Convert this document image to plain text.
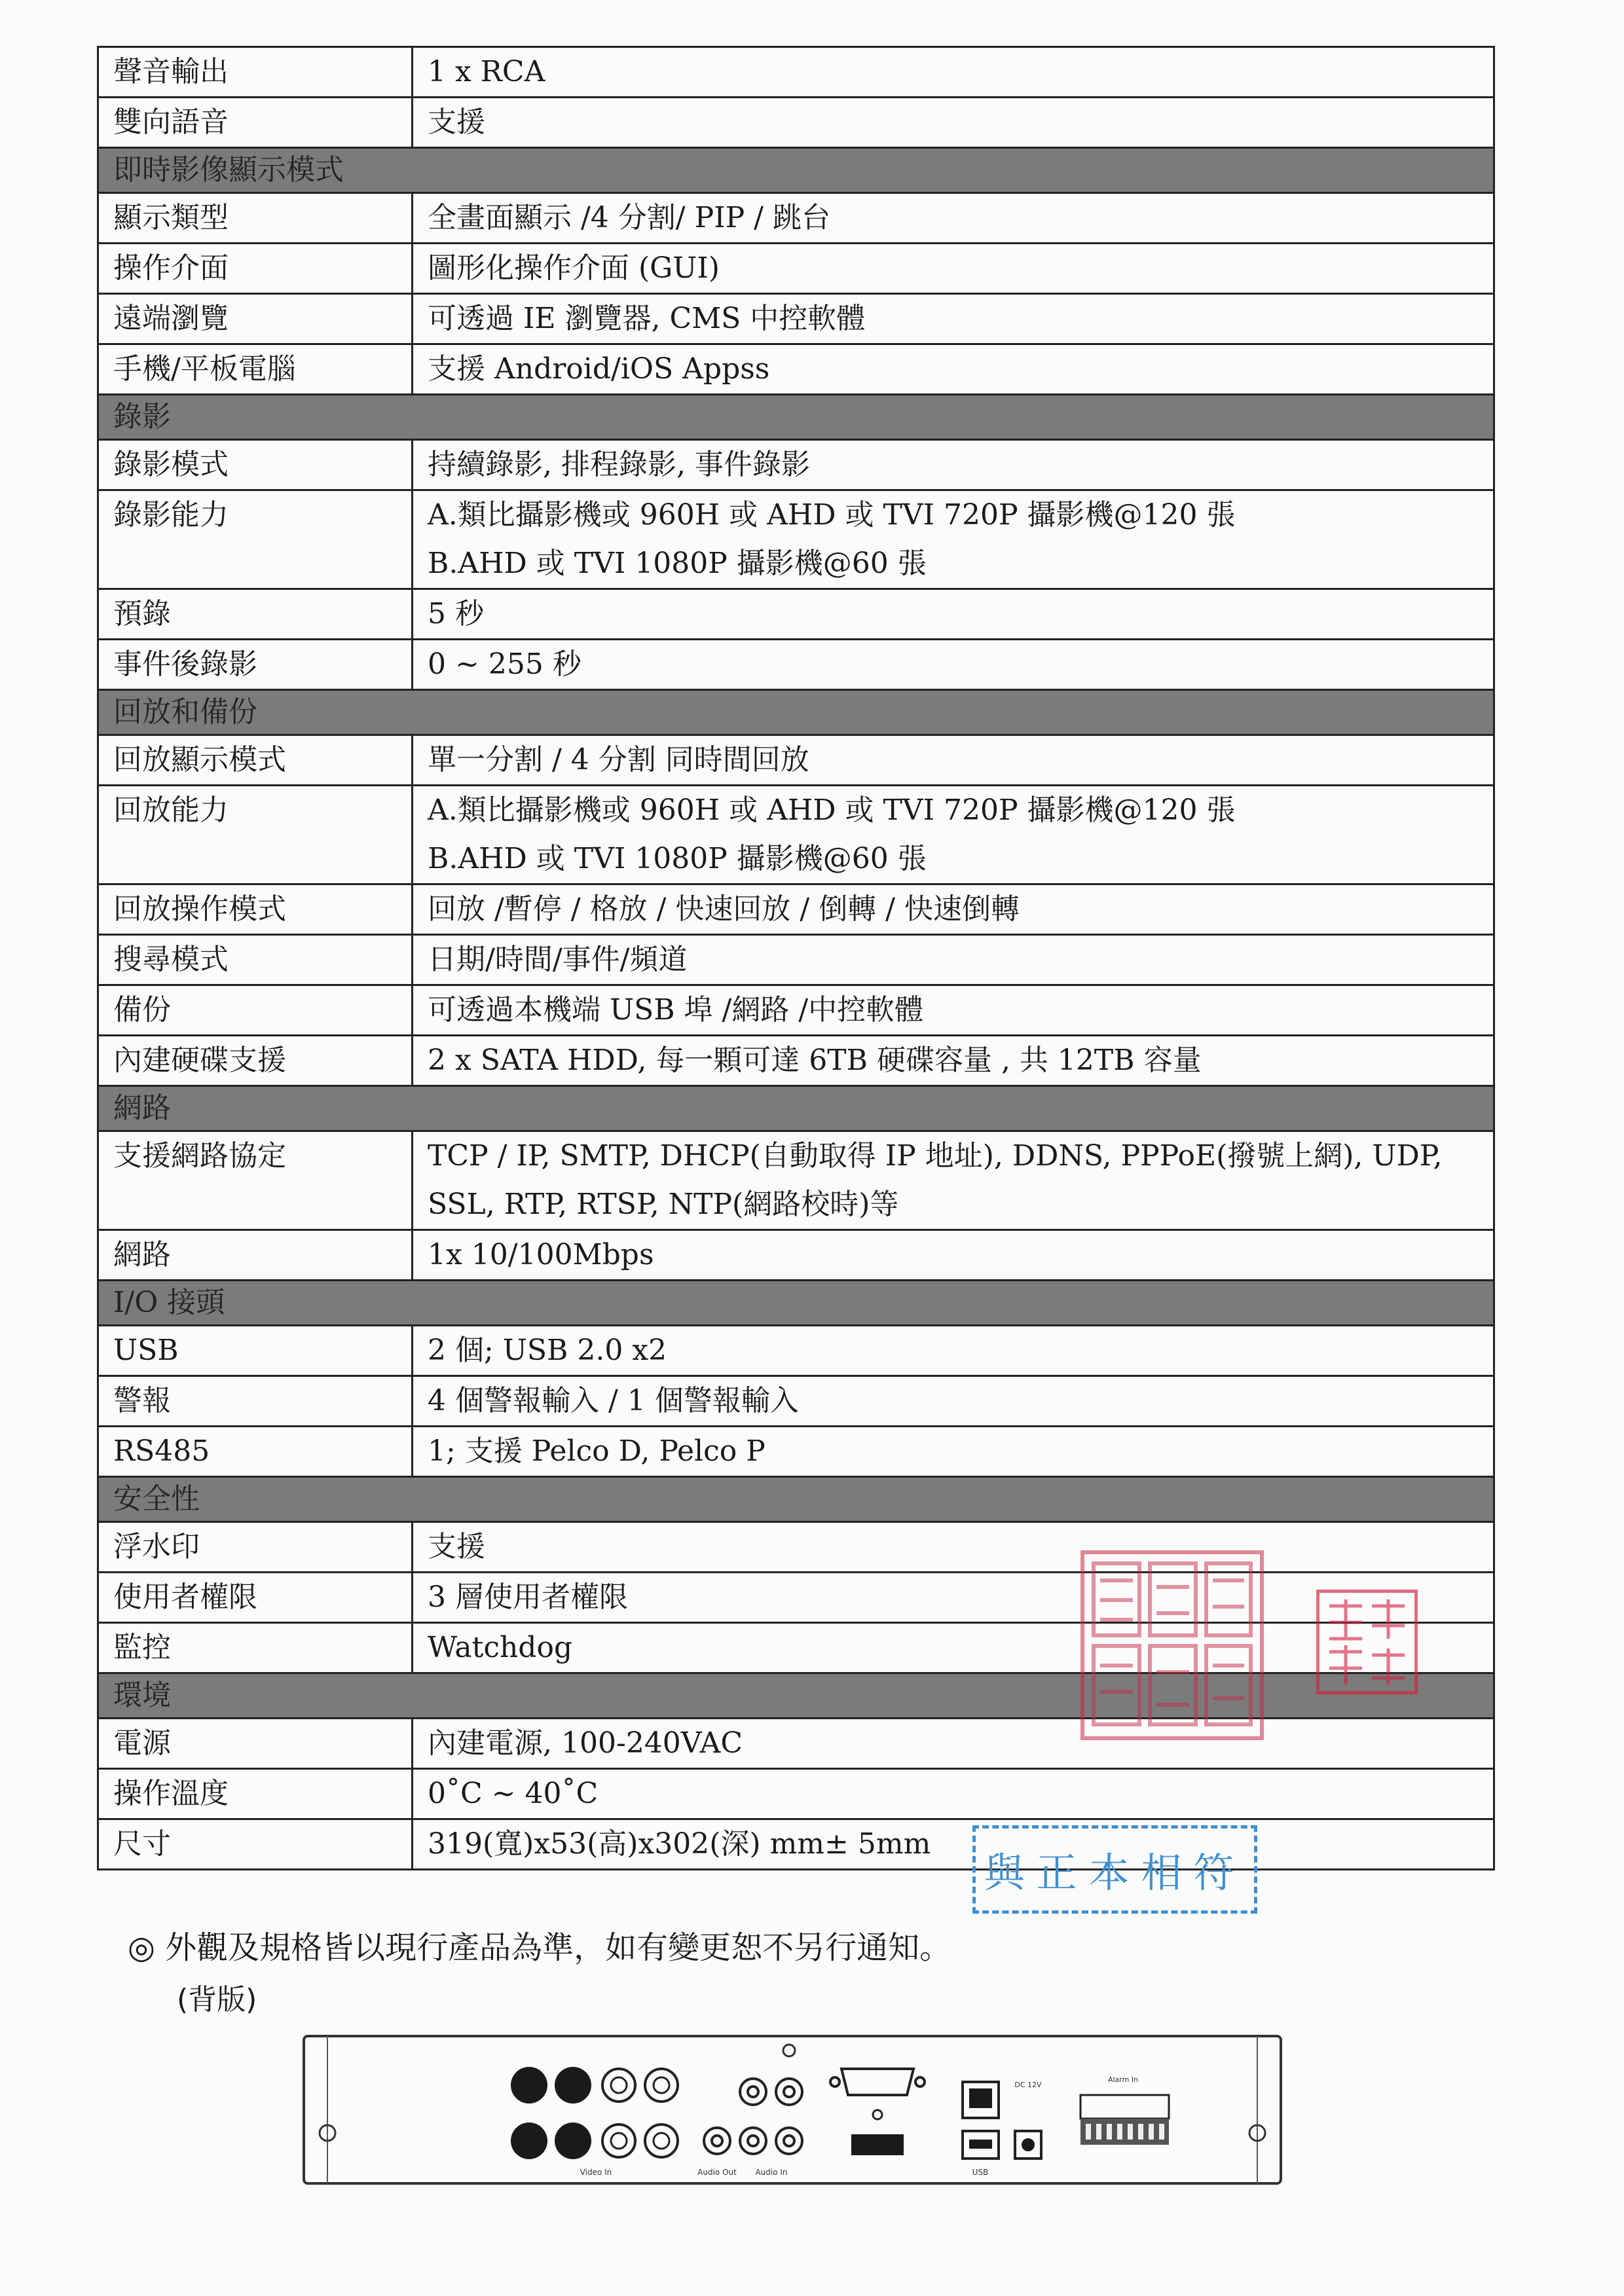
聲音輸出	1 x RCA

雙向語音	支援

即時影像顯示模式	
顯示類型	全畫面顯示 /4 分割/ PIP / 跳台

操作介面	圖形化操作介面 (GUI)

遠端瀏覽	可透過 IE 瀏覽器, CMS 中控軟體

手機/平板電腦	支援 Android/iOS Appss

錄影	
錄影模式	持續錄影, 排程錄影, 事件錄影

錄影能力	A.類比攝影機或 960H 或 AHD 或 TVI 720P 攝影機@120 張
B.AHD 或 TVI 1080P 攝影機@60 張

預錄	5 秒

事件後錄影	0 ~ 255 秒

回放和備份	
回放顯示模式	單一分割 / 4 分割 同時間回放

回放能力	A.類比攝影機或 960H 或 AHD 或 TVI 720P 攝影機@120 張
B.AHD 或 TVI 1080P 攝影機@60 張

回放操作模式	回放 /暫停 / 格放 / 快速回放 / 倒轉 / 快速倒轉

搜尋模式	日期/時間/事件/頻道

備份	可透過本機端 USB 埠 /網路 /中控軟體

內建硬碟支援	2 x SATA HDD, 每一顆可達 6TB 硬碟容量 , 共 12TB 容量

網路	
支援網路協定	TCP / IP, SMTP, DHCP(自動取得 IP 地址), DDNS, PPPoE(撥號上網), UDP,
SSL, RTP, RTSP, NTP(網路校時)等

網路	1x 10/100Mbps

I/O 接頭	
USB	2 個; USB 2.0 x2

警報	4 個警報輸入 / 1 個警報輸入

RS485	1; 支援 Pelco D, Pelco P

安全性	
浮水印	支援

使用者權限	3 層使用者權限

監控	Watchdog

環境	
電源	內建電源, 100-240VAC

操作溫度	0˚C ~ 40˚C

尺寸	319(寬)x53(高)x302(深) mm± 5mm
◎ 外觀及規格皆以現行產品為準，如有變更恕不另行通知。
(背版)
與正本相符
Video In	Audio Out Audio In	USB
DC 12V
Alarm In
